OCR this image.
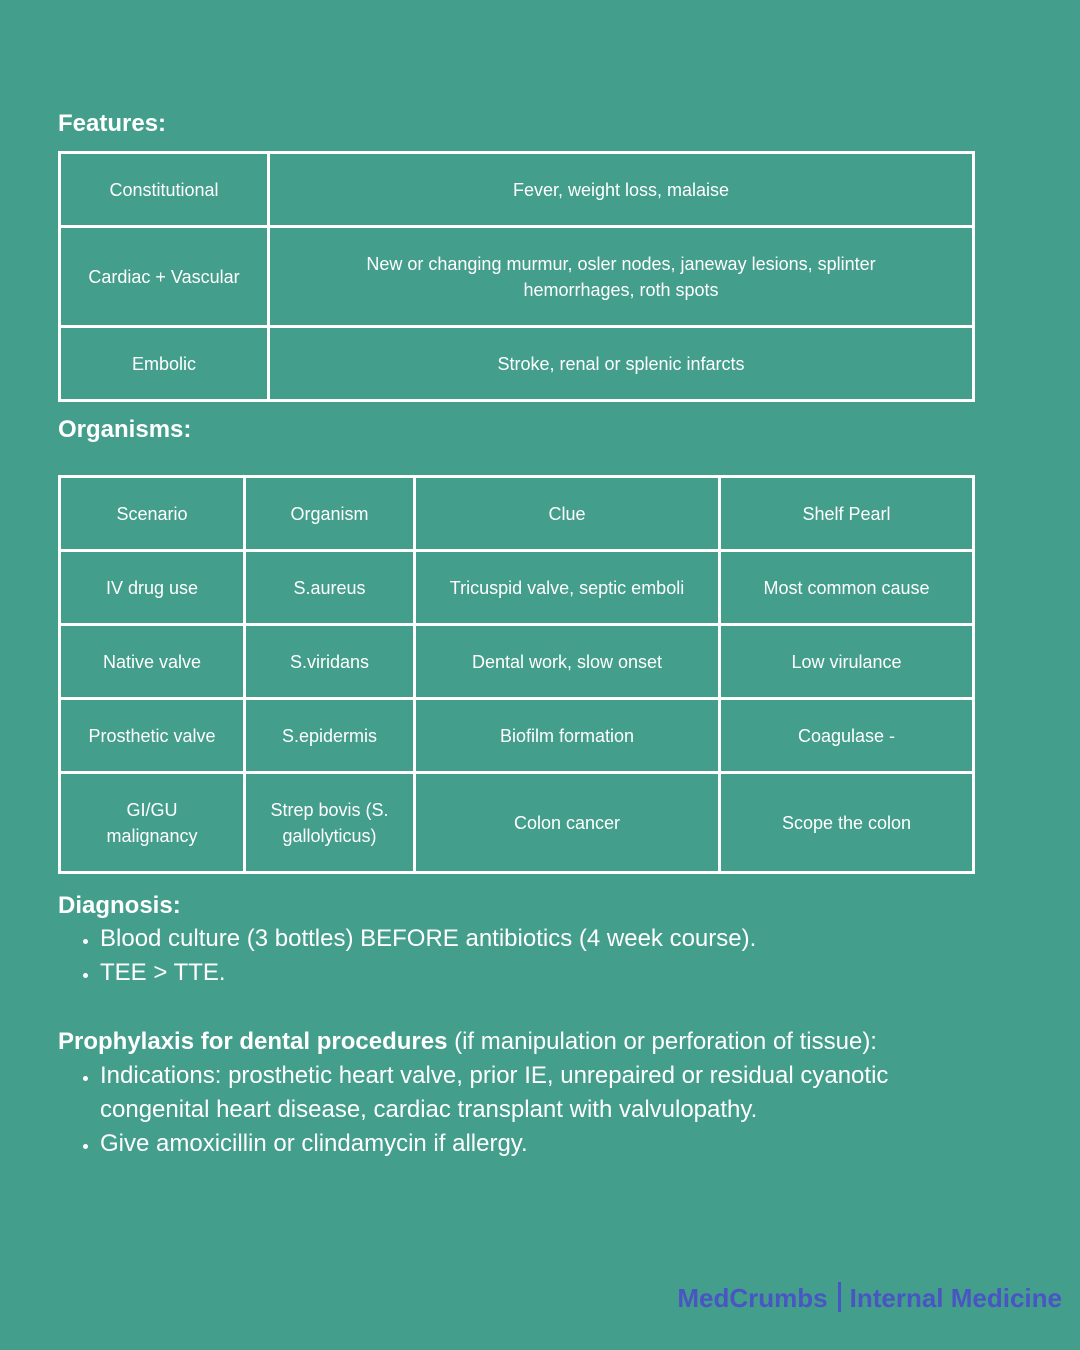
Features:
Constitutional	Fever, weight loss, malaise
Cardiac + Vascular	New or changing murmur, osler nodes, janeway lesions, splinter hemorrhages, roth spots
Embolic	Stroke, renal or splenic infarcts
Organisms:
Scenario	Organism	Clue	Shelf Pearl
IV drug use	S.aureus	Tricuspid valve, septic emboli	Most common cause
Native valve	S.viridans	Dental work, slow onset	Low virulance
Prosthetic valve	S.epidermis	Biofilm formation	Coagulase -
GI/GU malignancy	Strep bovis (S. gallolyticus)	Colon cancer	Scope the colon
Diagnosis:
• Blood culture (3 bottles) BEFORE antibiotics (4 week course).
• TEE > TTE.

Prophylaxis for dental procedures (if manipulation or perforation of tissue):

• Indications: prosthetic heart valve, prior IE, unrepaired or residual cyanotic congenital heart disease, cardiac transplant with valvulopathy.
• Give amoxicillin or clindamycin if allergy.
MedCrumbs Internal Medicine
